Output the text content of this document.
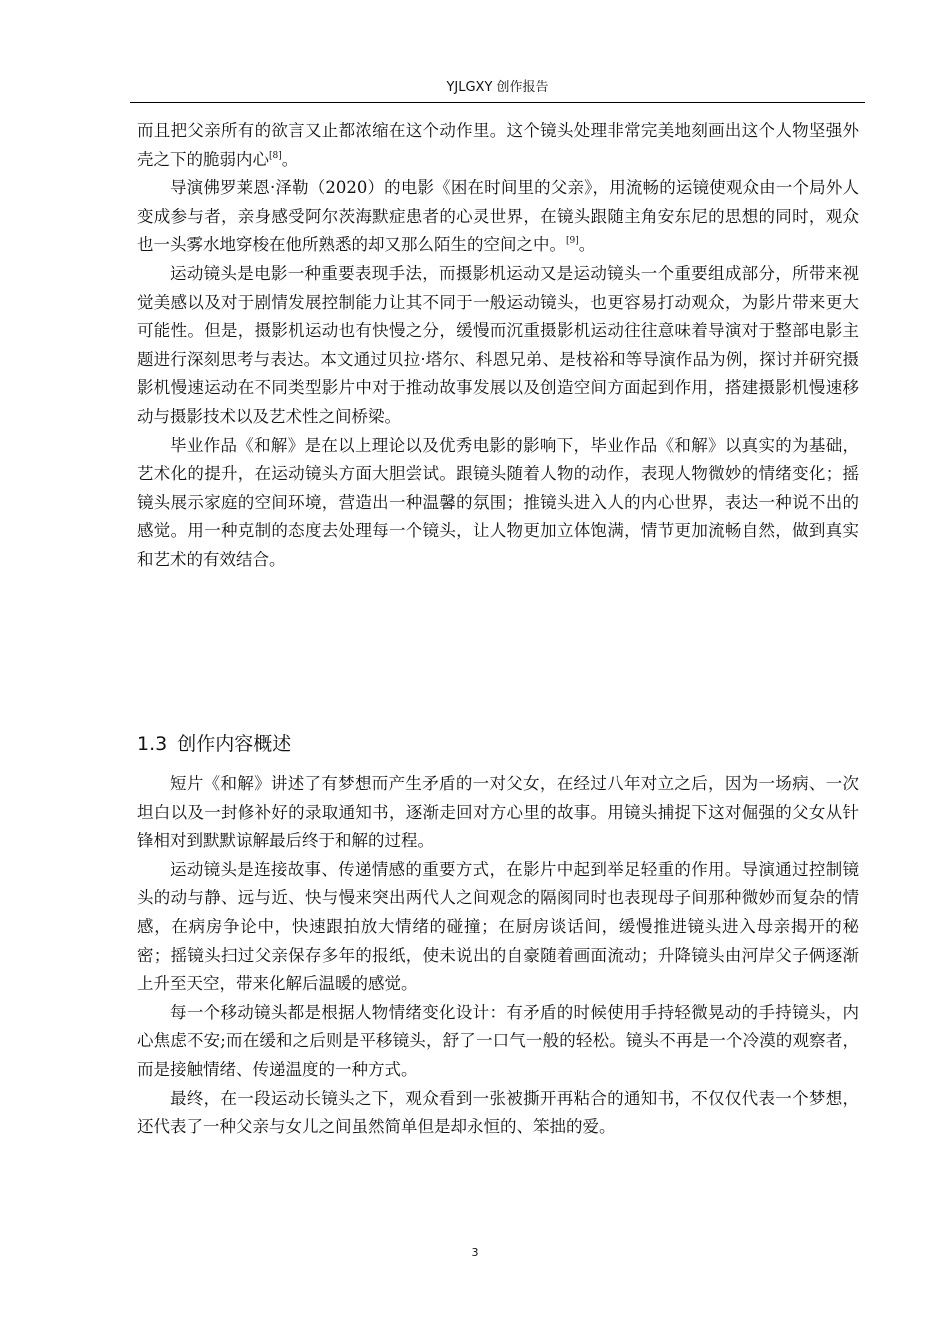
YJLGXY 创作报告

而且把父亲所有的欲言又止都浓缩在这个动作里。这个镜头处理非常完美地刻画出这个人物坚强外壳之下的脆弱内心[8]。

导演佛罗莱恩·泽勒（2020）的电影《困在时间里的父亲》，用流畅的运镜使观众由一个局外人变成参与者，亲身感受阿尔茨海默症患者的心灵世界，在镜头跟随主角安东尼的思想的同时，观众也一头雾水地穿梭在他所熟悉的却又那么陌生的空间之中。[9]。

运动镜头是电影一种重要表现手法，而摄影机运动又是运动镜头一个重要组成部分，所带来视觉美感以及对于剧情发展控制能力让其不同于一般运动镜头，也更容易打动观众，为影片带来更大可能性。但是，摄影机运动也有快慢之分，缓慢而沉重摄影机运动往往意味着导演对于整部电影主题进行深刻思考与表达。本文通过贝拉·塔尔、科恩兄弟、是枝裕和等导演作品为例，探讨并研究摄影机慢速运动在不同类型影片中对于推动故事发展以及创造空间方面起到作用，搭建摄影机慢速移动与摄影技术以及艺术性之间桥梁。

毕业作品《和解》是在以上理论以及优秀电影的影响下，毕业作品《和解》以真实的为基础，艺术化的提升，在运动镜头方面大胆尝试。跟镜头随着人物的动作，表现人物微妙的情绪变化；摇镜头展示家庭的空间环境，营造出一种温馨的氛围；推镜头进入人的内心世界，表达一种说不出的感觉。用一种克制的态度去处理每一个镜头，让人物更加立体饱满，情节更加流畅自然，做到真实和艺术的有效结合。

1.3 创作内容概述

短片《和解》讲述了有梦想而产生矛盾的一对父女，在经过八年对立之后，因为一场病、一次坦白以及一封修补好的录取通知书，逐渐走回对方心里的故事。用镜头捕捉下这对倔强的父女从针锋相对到默默谅解最后终于和解的过程。

运动镜头是连接故事、传递情感的重要方式，在影片中起到举足轻重的作用。导演通过控制镜头的动与静、远与近、快与慢来突出两代人之间观念的隔阂同时也表现母子间那种微妙而复杂的情感，在病房争论中，快速跟拍放大情绪的碰撞；在厨房谈话间，缓慢推进镜头进入母亲揭开的秘密；摇镜头扫过父亲保存多年的报纸，使未说出的自豪随着画面流动；升降镜头由河岸父子俩逐渐上升至天空，带来化解后温暖的感觉。

每一个移动镜头都是根据人物情绪变化设计：有矛盾的时候使用手持轻微晃动的手持镜头，内心焦虑不安;而在缓和之后则是平移镜头，舒了一口气一般的轻松。镜头不再是一个冷漠的观察者，而是接触情绪、传递温度的一种方式。

最终，在一段运动长镜头之下，观众看到一张被撕开再粘合的通知书，不仅仅代表一个梦想，还代表了一种父亲与女儿之间虽然简单但是却永恒的、笨拙的爱。

3
